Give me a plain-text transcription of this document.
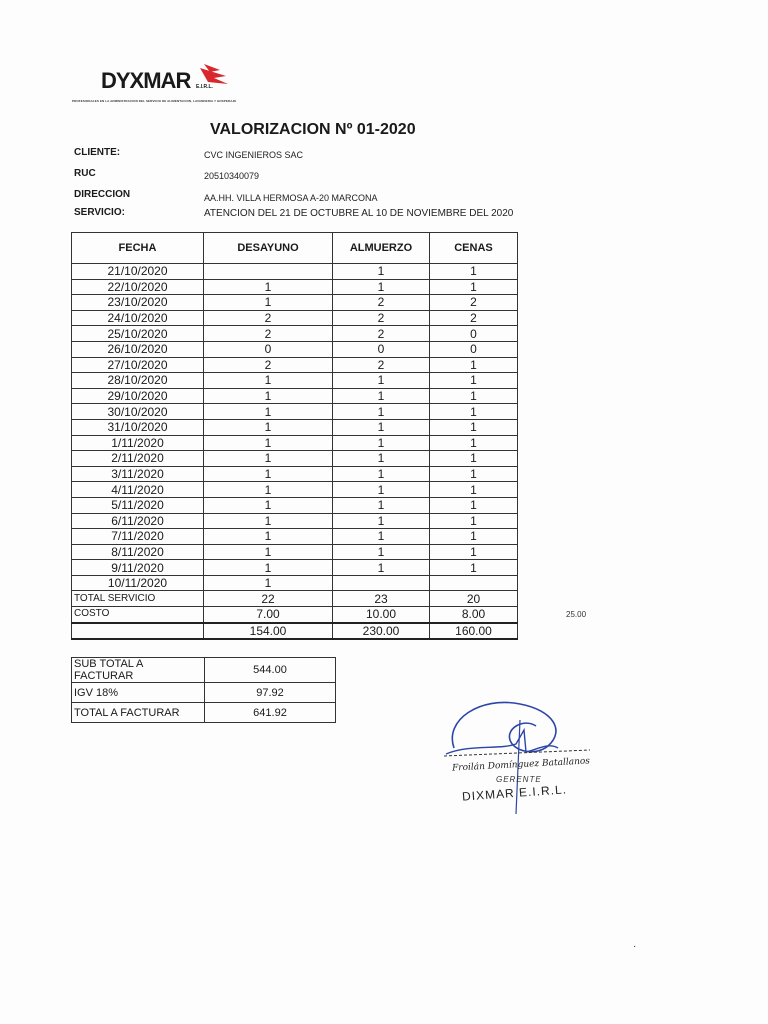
DYXMAR E.I.R.L.
PROFESIONALES EN LA ADMINISTRACION DEL SERVICIO DE ALIMENTACION, LAVANDERIA Y HOSPEDAJE
VALORIZACION Nº 01-2020
CLIENTE:	CVC INGENIEROS SAC
RUC	20510340079
DIRECCION	AA.HH. VILLA HERMOSA A-20 MARCONA
SERVICIO:	ATENCION DEL 21 DE OCTUBRE AL 10 DE NOVIEMBRE DEL 2020
FECHA	DESAYUNO	ALMUERZO	CENAS
21/10/2020		1	1
22/10/2020	1	1	1
23/10/2020	1	2	2
24/10/2020	2	2	2
25/10/2020	2	2	0
26/10/2020	0	0	0
27/10/2020	2	2	1
28/10/2020	1	1	1
29/10/2020	1	1	1
30/10/2020	1	1	1
31/10/2020	1	1	1
1/11/2020	1	1	1
2/11/2020	1	1	1
3/11/2020	1	1	1
4/11/2020	1	1	1
5/11/2020	1	1	1
6/11/2020	1	1	1
7/11/2020	1	1	1
8/11/2020	1	1	1
9/11/2020	1	1	1
10/11/2020	1		
TOTAL SERVICIO	22	23	20
COSTO	7.00	10.00	8.00
	154.00	230.00	160.00
25.00
SUB TOTAL A FACTURAR	544.00
IGV 18%	97.92
TOTAL A FACTURAR	641.92
Froilán Domínguez Batallanos
GERENTE
DIXMAR E.I.R.L.
·
